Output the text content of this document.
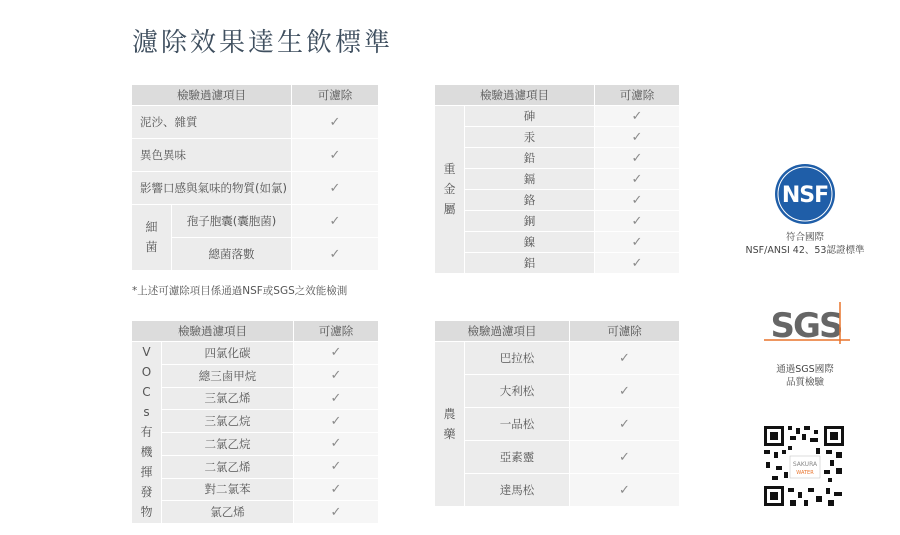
濾除效果達生飲標準
檢驗過濾項目		可濾除
泥沙、雜質		✓
異色異味		✓
影響口感與氣味的物質(如氯)		✓
細菌	孢子胞囊(囊胞菌)	✓
	總菌落數	✓
檢驗過濾項目		可濾除
重金屬	砷	✓
	汞	✓
	鉛	✓
	鎘	✓
	鉻	✓
	銅	✓
	鎳	✓
	鋁	✓
*上述可濾除項目係通過NSF或SGS之效能檢測
檢驗過濾項目		可濾除
VOCs 有機揮發物	四氯化碳	✓
	總三鹵甲烷	✓
	三氯乙烯	✓
	三氯乙烷	✓
	二氯乙烷	✓
	二氯乙烯	✓
	對二氯苯	✓
	氯乙烯	✓
檢驗過濾項目		可濾除
農藥	巴拉松	✓
	大利松	✓
	一品松	✓
	亞素靈	✓
	達馬松	✓
NSF
符合國際
NSF/ANSI 42、53認證標準
SGS
通過SGS國際
品質檢驗
SAKURA
WATER
